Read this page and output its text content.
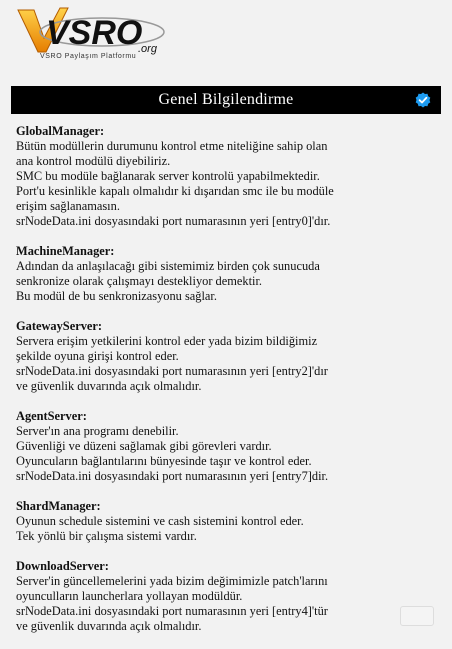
VSRO
.org
VSRO Paylaşım Platformu
Genel Bilgilendirme
GlobalManager:
Bütün modüllerin durumunu kontrol etme niteliğine sahip olan
ana kontrol modülü diyebiliriz.
SMC bu modüle bağlanarak server kontrolü yapabilmektedir.
Port'u kesinlikle kapalı olmalıdır ki dışarıdan smc ile bu modüle
erişim sağlanamasın.
srNodeData.ini dosyasındaki port numarasının yeri [entry0]'dır.
MachineManager:
Adından da anlaşılacağı gibi sistemimiz birden çok sunucuda
senkronize olarak çalışmayı destekliyor demektir.
Bu modül de bu senkronizasyonu sağlar.
GatewayServer:
Servera erişim yetkilerini kontrol eder yada bizim bildiğimiz
şekilde oyuna girişi kontrol eder.
srNodeData.ini dosyasındaki port numarasının yeri [entry2]'dır
ve güvenlik duvarında açık olmalıdır.
AgentServer:
Server'ın ana programı denebilir.
Güvenliği ve düzeni sağlamak gibi görevleri vardır.
Oyuncuların bağlantılarını bünyesinde taşır ve kontrol eder.
srNodeData.ini dosyasındaki port numarasının yeri [entry7]dir.
ShardManager:
Oyunun schedule sistemini ve cash sistemini kontrol eder.
Tek yönlü bir çalışma sistemi vardır.
DownloadServer:
Server'in güncellemelerini yada bizim değimimizle patch'larını
oyunculların launcherlara yollayan modüldür.
srNodeData.ini dosyasındaki port numarasının yeri [entry4]'tür
ve güvenlik duvarında açık olmalıdır.
